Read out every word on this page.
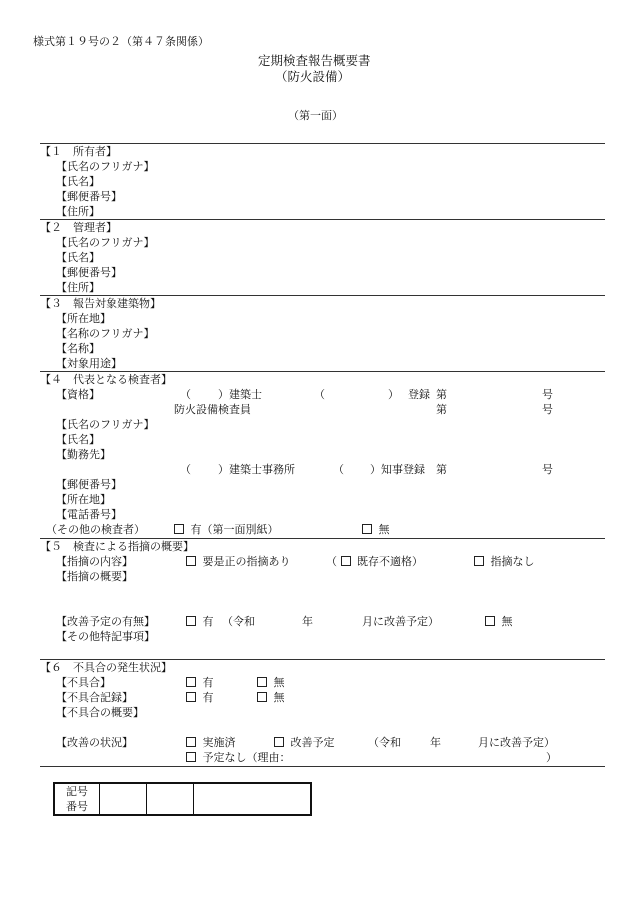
様式第１９号の２（第４７条関係）
定期検査報告概要書
（防火設備）
（第一面）
【１　所有者】
【氏名のフリガナ】
【氏名】
【郵便番号】
【住所】
【２　管理者】
【氏名のフリガナ】
【氏名】
【郵便番号】
【住所】
【３　報告対象建築物】
【所在地】
【名称のフリガナ】
【名称】
【対象用途】
【４　代表となる検査者】
【資格】	（ ）建築士	（	） 登録 第	号
防火設備検査員	第	号
【氏名のフリガナ】
【氏名】
【勤務先】
（ ）建築士事務所	（ ）知事登録 第	号
【郵便番号】
【所在地】
【電話番号】
（その他の検査者）	有（第一面別紙）	無
【５　検査による指摘の概要】
【指摘の内容】	要是正の指摘あり	（ 既存不適格）	指摘なし
【指摘の概要】
【改善予定の有無】	有 （令和	年	月に改善予定）	無
【その他特記事項】
【６　不具合の発生状況】
【不具合】	有	無
【不具合記録】	有	無
【不具合の概要】
【改善の状況】	実施済	改善予定	（令和	年	月に改善予定）
予定なし（理由：	）
記号
番号
